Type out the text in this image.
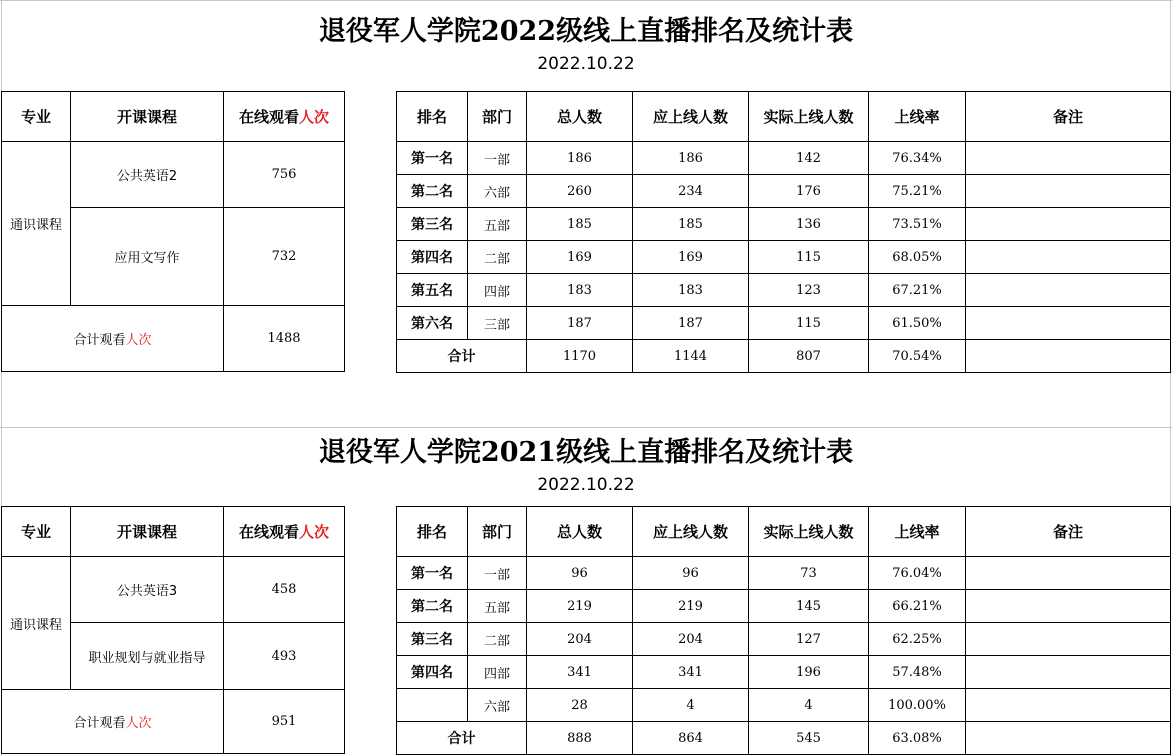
退役军人学院2022级线上直播排名及统计表
2022.10.22
专业	开课课程	在线观看人次
通识课程	公共英语2	756
	应用文写作	732
合计观看人次		1488
排名	部门	总人数	应上线人数	实际上线人数	上线率	备注
第一名	一部	186	186	142	76.34%	
第二名	六部	260	234	176	75.21%	
第三名	五部	185	185	136	73.51%	
第四名	二部	169	169	115	68.05%	
第五名	四部	183	183	123	67.21%	
第六名	三部	187	187	115	61.50%	
合计		1170	1144	807	70.54%	
退役军人学院2021级线上直播排名及统计表
2022.10.22
专业	开课课程	在线观看人次
通识课程	公共英语3	458
	职业规划与就业指导	493
合计观看人次		951
排名	部门	总人数	应上线人数	实际上线人数	上线率	备注
第一名	一部	96	96	73	76.04%	
第二名	五部	219	219	145	66.21%	
第三名	二部	204	204	127	62.25%	
第四名	四部	341	341	196	57.48%	
	六部	28	4	4	100.00%	
合计		888	864	545	63.08%	
